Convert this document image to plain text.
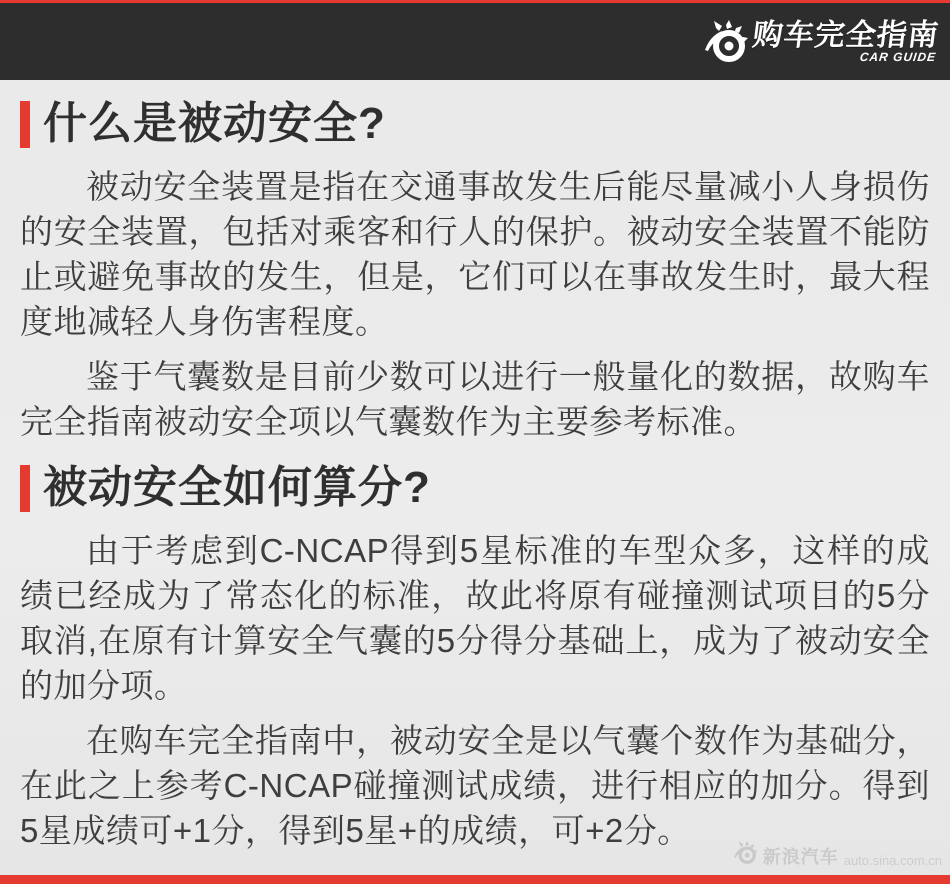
购车完全指南
CAR GUIDE
什么是被动安全?

被动安全装置是指在交通事故发生后能尽量减小人身损伤的安全装置，包括对乘客和行人的保护。被动安全装置不能防止或避免事故的发生，但是，它们可以在事故发生时，最大程度地减轻人身伤害程度。

鉴于气囊数是目前少数可以进行一般量化的数据，故购车完全指南被动安全项以气囊数作为主要参考标准。

被动安全如何算分?

由于考虑到C-NCAP得到5星标准的车型众多，这样的成绩已经成为了常态化的标准，故此将原有碰撞测试项目的5分取消,在原有计算安全气囊的5分得分基础上，成为了被动安全的加分项。

在购车完全指南中，被动安全是以气囊个数作为基础分，在此之上参考C-NCAP碰撞测试成绩，进行相应的加分。得到5星成绩可+1分，得到5星+的成绩，可+2分。

新浪汽车 auto.sina.com.cn
